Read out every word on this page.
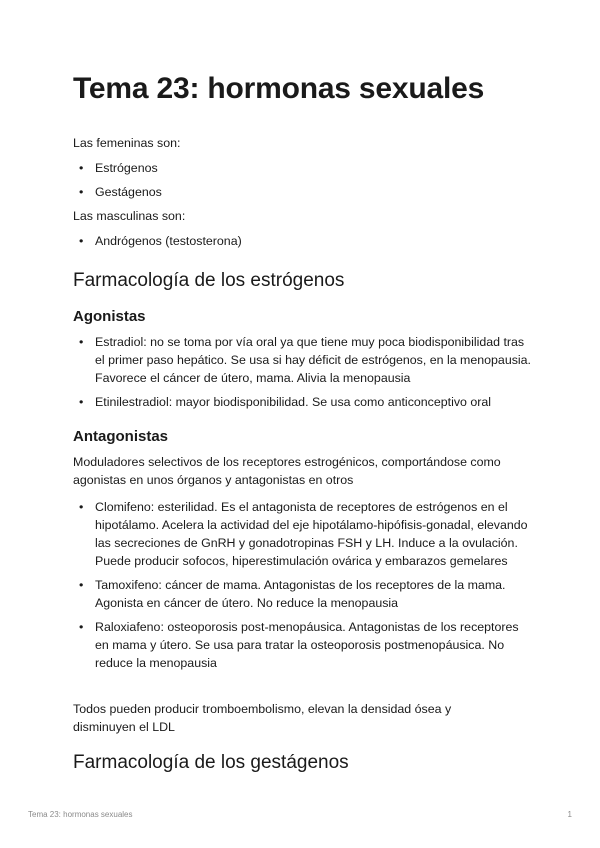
Tema 23: hormonas sexuales

Las femeninas son:

• Estrógenos
• Gestágenos

Las masculinas son:

• Andrógenos (testosterona)
Farmacología de los estrógenos
Agonistas
• Estradiol: no se toma por vía oral ya que tiene muy poca biodisponibilidad tras el primer paso hepático. Se usa si hay déficit de estrógenos, en la menopausia. Favorece el cáncer de útero, mama. Alivia la menopausia
• Etinilestradiol: mayor biodisponibilidad. Se usa como anticonceptivo oral
Antagonistas

Moduladores selectivos de los receptores estrogénicos, comportándose como agonistas en unos órganos y antagonistas en otros

• Clomifeno: esterilidad. Es el antagonista de receptores de estrógenos en el hipotálamo. Acelera la actividad del eje hipotálamo-hipófisis-gonadal, elevando las secreciones de GnRH y gonadotropinas FSH y LH. Induce a la ovulación. Puede producir sofocos, hiperestimulación ovárica y embarazos gemelares
• Tamoxifeno: cáncer de mama. Antagonistas de los receptores de la mama. Agonista en cáncer de útero. No reduce la menopausia
• Raloxiafeno: osteoporosis post-menopáusica. Antagonistas de los receptores en mama y útero. Se usa para tratar la osteoporosis postmenopáusica. No reduce la menopausia

Todos pueden producir tromboembolismo, elevan la densidad ósea y disminuyen el LDL

Farmacología de los gestágenos
Tema 23: hormonas sexuales	1
